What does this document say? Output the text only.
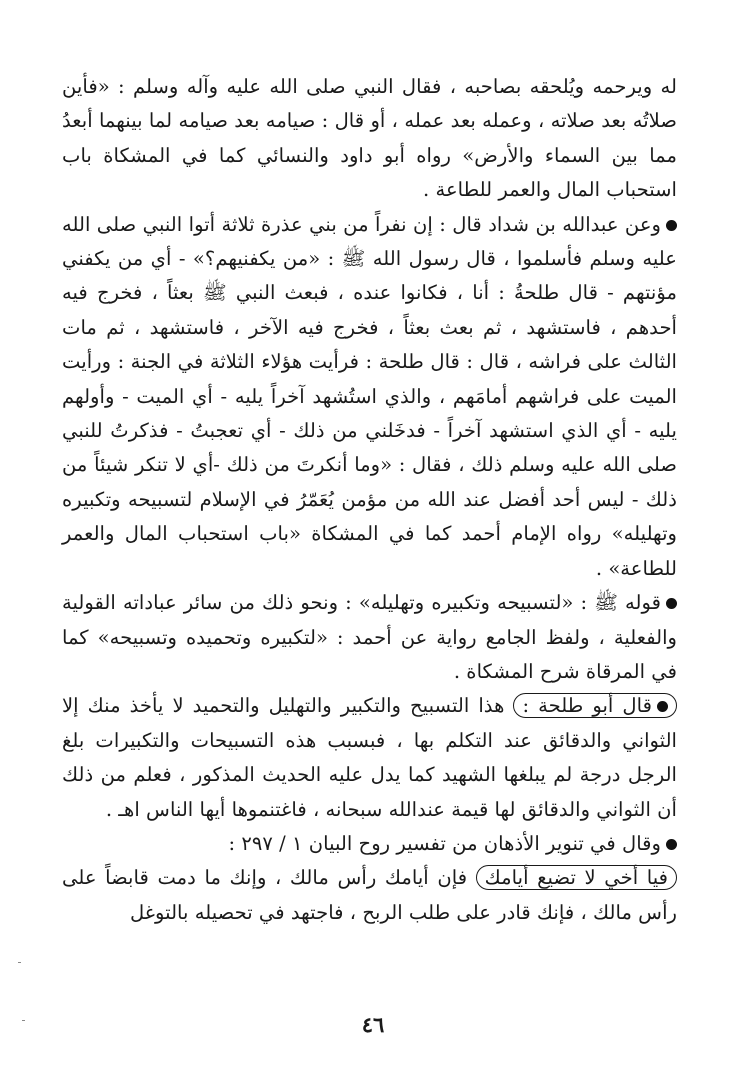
له ويرحمه ويُلحقه بصاحبه ، فقال النبي صلى الله عليه وآله وسلم : «فأين صلاتُه بعد صلاته ، وعمله بعد عمله ، أو قال : صيامه بعد صيامه لما بينهما أبعدُ مما بين السماء والأرض» رواه أبو داود والنسائي كما في المشكاة باب استحباب المال والعمر للطاعة .

وعن عبدالله بن شداد قال : إن نفراً من بني عذرة ثلاثة أتوا النبي صلى الله عليه وسلم فأسلموا ، قال رسول الله ﷺ : «من يكفنيهم؟» - أي من يكفني مؤنتهم - قال طلحةُ : أنا ، فكانوا عنده ، فبعث النبي ﷺ بعثاً ، فخرج فيه أحدهم ، فاستشهد ، ثم بعث بعثاً ، فخرج فيه الآخر ، فاستشهد ، ثم مات الثالث على فراشه ، قال : قال طلحة : فرأيت هؤلاء الثلاثة في الجنة : ورأيت الميت على فراشهم أمامَهم ، والذي استُشهد آخراً يليه - أي الميت - وأولهم يليه - أي الذي استشهد آخراً - فدخَلني من ذلك - أي تعجبتُ - فذكرتُ للنبي صلى الله عليه وسلم ذلك ، فقال : «وما أنكرتَ من ذلك -أي لا تنكر شيئاً من ذلك - ليس أحد أفضل عند الله من مؤمن يُعَمّرُ في الإسلام لتسبيحه وتكبيره وتهليله» رواه الإمام أحمد كما في المشكاة «باب استحباب المال والعمر للطاعة» .

قوله ﷺ : «لتسبيحه وتكبيره وتهليله» : ونحو ذلك من سائر عباداته القولية والفعلية ، ولفظ الجامع رواية عن أحمد : «لتكبيره وتحميده وتسبيحه» كما في المرقاة شرح المشكاة .

قال أبو طلحة : هذا التسبيح والتكبير والتهليل والتحميد لا يأخذ منك إلا الثواني والدقائق عند التكلم بها ، فبسبب هذه التسبيحات والتكبيرات بلغ الرجل درجة لم يبلغها الشهيد كما يدل عليه الحديث المذكور ، فعلم من ذلك أن الثواني والدقائق لها قيمة عندالله سبحانه ، فاغتنموها أيها الناس اهـ .

وقال في تنوير الأذهان من تفسير روح البيان ١ / ٢٩٧ :

فيا أخي لا تضيع أيامك فإن أيامك رأس مالك ، وإنك ما دمت قابضاً على رأس مالك ، فإنك قادر على طلب الربح ، فاجتهد في تحصيله بالتوغل

٤٦
